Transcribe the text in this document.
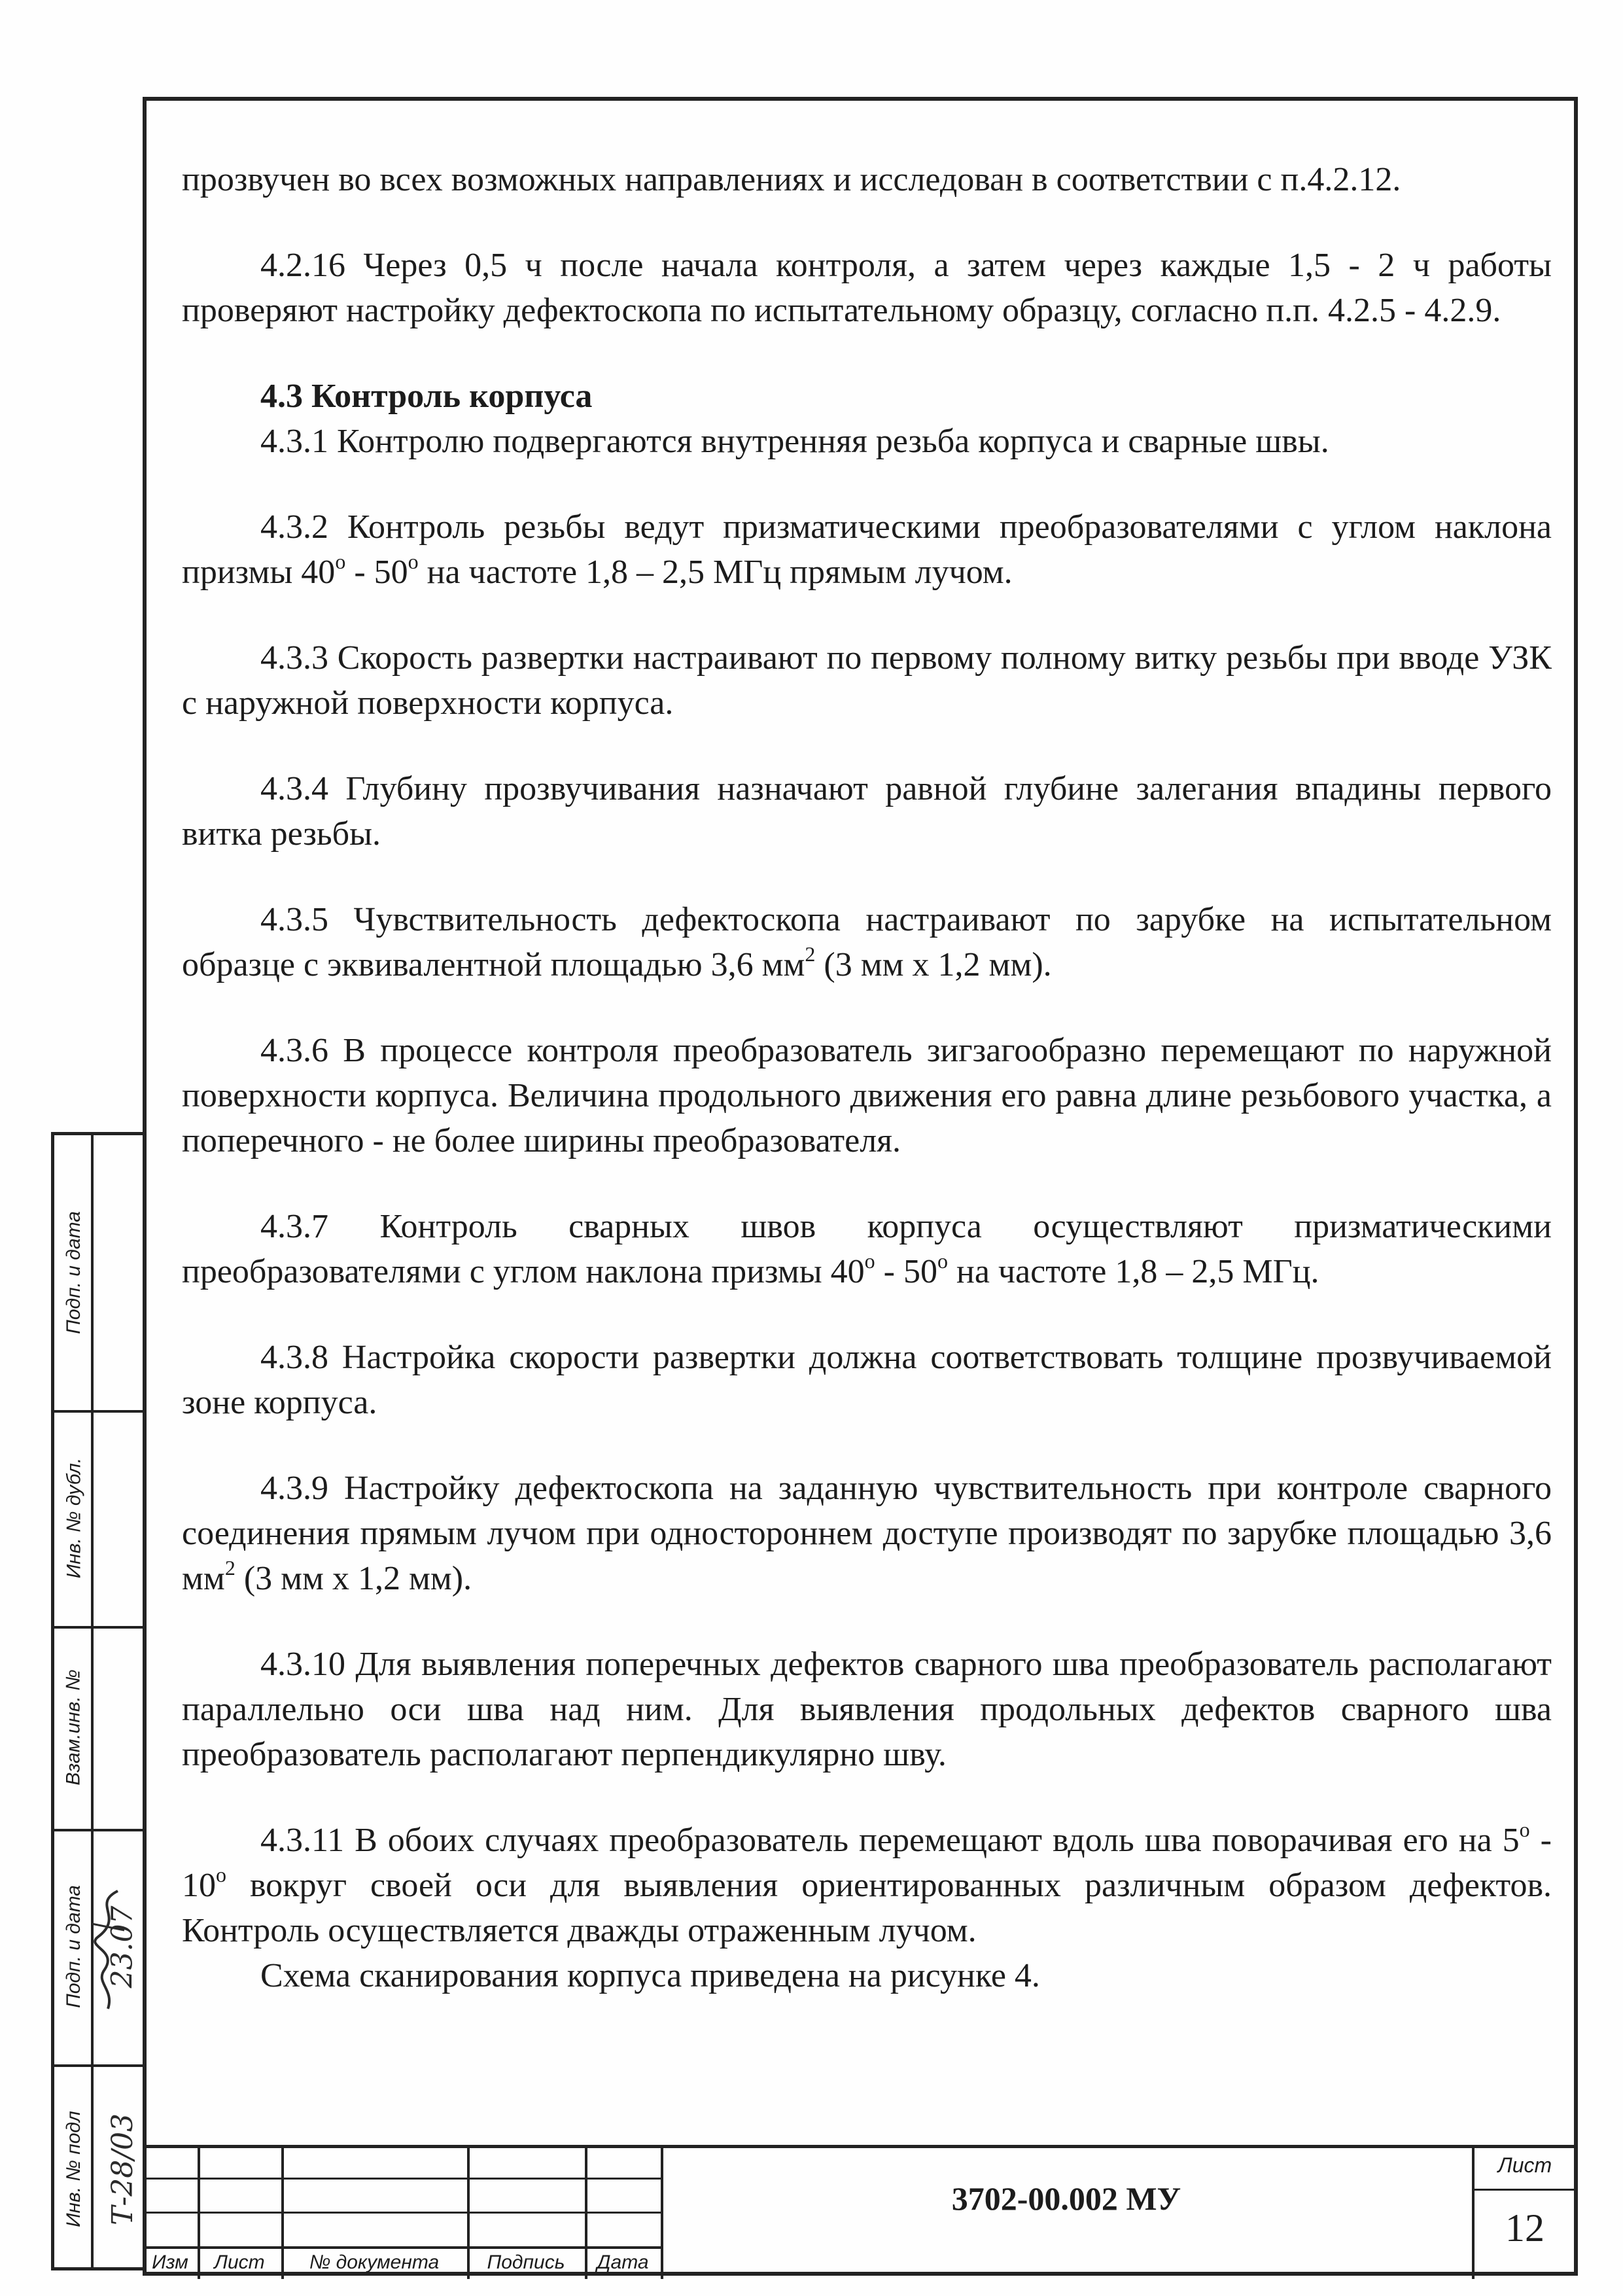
прозвучен во всех возможных направлениях и исследован в соответствии с п.4.2.12.

4.2.16 Через 0,5 ч после начала контроля, а затем через каждые 1,5 - 2 ч работы проверяют настройку дефектоскопа по испытательному образцу, согласно п.п. 4.2.5 - 4.2.9.

4.3 Контроль корпуса

4.3.1 Контролю подвергаются внутренняя резьба корпуса и сварные швы.

4.3.2 Контроль резьбы ведут призматическими преобразователями с углом наклона призмы $40^о - 50^о$ на частоте 1,8 – 2,5 МГц прямым лучом.

4.3.3 Скорость развертки настраивают по первому полному витку резьбы при вводе УЗК с наружной поверхности корпуса.

4.3.4 Глубину прозвучивания назначают равной глубине залегания впадины первого витка резьбы.

4.3.5 Чувствительность дефектоскопа настраивают по зарубке на испытательном образце с эквивалентной площадью 3,6 $мм^2$ (3 мм х 1,2 мм).

4.3.6 В процессе контроля преобразователь зигзагообразно перемещают по наружной поверхности корпуса. Величина продольного движения его равна длине резьбового участка, а поперечного - не более ширины преобразователя.

4.3.7 Контроль сварных швов корпуса осуществляют призматическими преобразователями с углом наклона призмы $40^о - 50^о$ на частоте 1,8 – 2,5 МГц.

4.3.8 Настройка скорости развертки должна соответствовать толщине прозвучиваемой зоне корпуса.

4.3.9 Настройку дефектоскопа на заданную чувствительность при контроле сварного соединения прямым лучом при одностороннем доступе производят по зарубке площадью 3,6 $мм^2$ (3 мм х 1,2 мм).

4.3.10 Для выявления поперечных дефектов сварного шва преобразователь располагают параллельно оси шва над ним. Для выявления продольных дефектов сварного шва преобразователь располагают перпендикулярно шву.

4.3.11 В обоих случаях преобразователь перемещают вдоль шва поворачивая его на $5^о - 10^о$ вокруг своей оси для выявления ориентированных различным образом дефектов. Контроль осуществляется дважды отраженным лучом.

Схема сканирования корпуса приведена на рисунке 4.

Подп. и дата
Инв. № дубл.
Взам.инв. №
Подп. и дата
Инв. № подл
23.07
Т-28/03
Изм	Лист	№ документа	Подпись	Дата
3702-00.002 МУ
Лист
12
